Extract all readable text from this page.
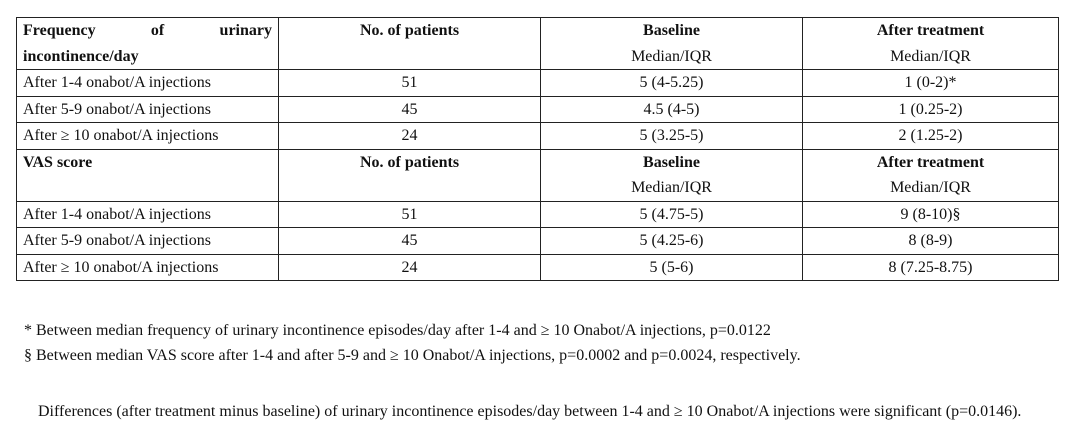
Frequency of urinary	No. of patients	Baseline	After treatment
incontinence/day		Median/IQR	Median/IQR
After 1-4 onabot/A injections	51	5 (4-5.25)	1 (0-2)*
After 5-9 onabot/A injections	45	4.5 (4-5)	1 (0.25-2)
After ≥ 10 onabot/A injections	24	5 (3.25-5)	2 (1.25-2)
VAS score	No. of patients	Baseline	After treatment
		Median/IQR	Median/IQR
After 1-4 onabot/A injections	51	5 (4.75-5)	9 (8-10)§
After 5-9 onabot/A injections	45	5 (4.25-6)	8 (8-9)
After ≥ 10 onabot/A injections	24	5 (5-6)	8 (7.25-8.75)

* Between median frequency of urinary incontinence episodes/day after 1-4 and ≥ 10 Onabot/A injections, p=0.0122

§ Between median VAS score after 1-4 and after 5-9 and ≥ 10 Onabot/A injections, p=0.0002 and p=0.0024, respectively.

Differences (after treatment minus baseline) of urinary incontinence episodes/day between 1-4 and ≥ 10 Onabot/A injections were significant (p=0.0146).
